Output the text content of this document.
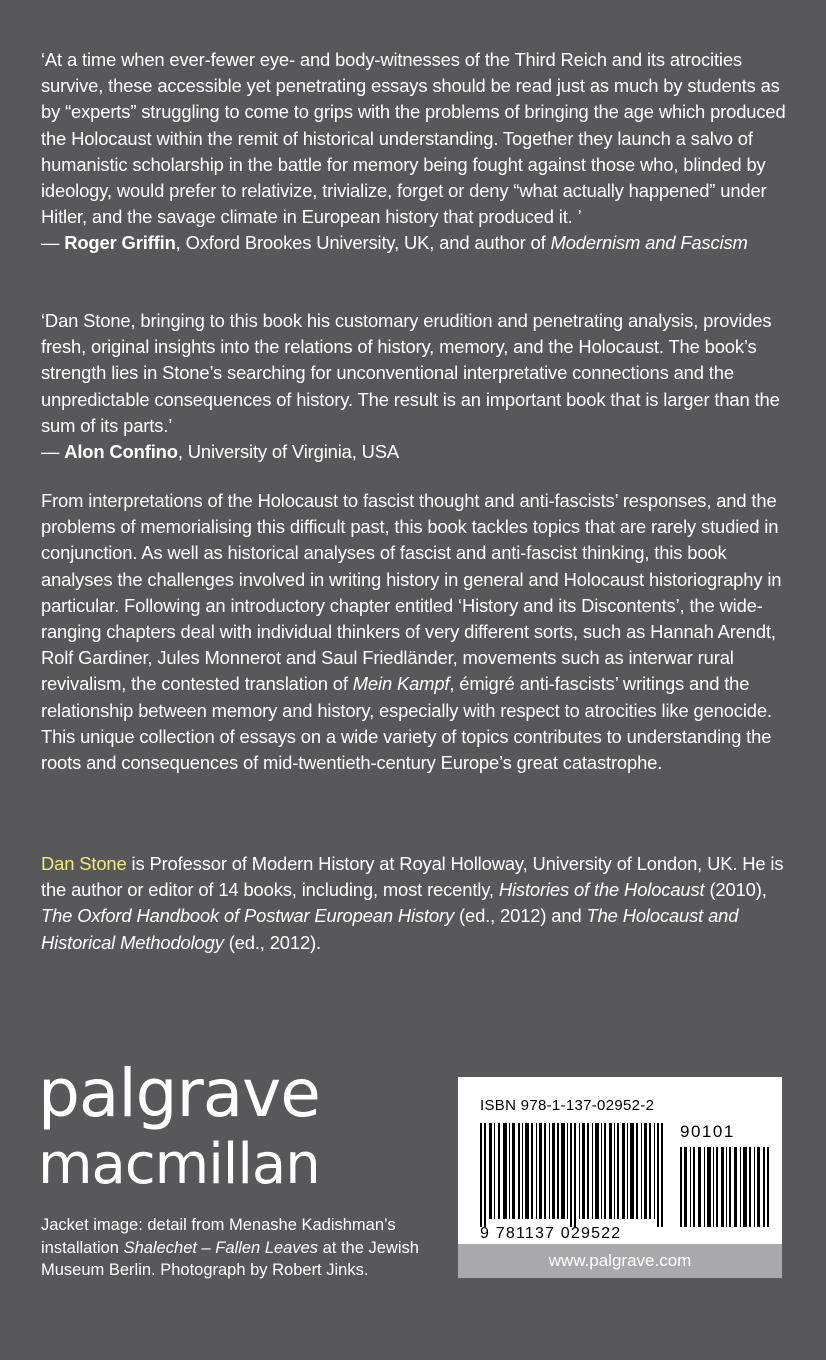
‘At a time when ever-fewer eye- and body-witnesses of the Third Reich and its atrocities survive, these accessible yet penetrating essays should be read just as much by students as by “experts” struggling to come to grips with the problems of bringing the age which produced the Holocaust within the remit of historical understanding. Together they launch a salvo of humanistic scholarship in the battle for memory being fought against those who, blinded by ideology, would prefer to relativize, trivialize, forget or deny “what actually happened” under Hitler, and the savage climate in European history that produced it. ’
— Roger Griffin, Oxford Brookes University, UK, and author of Modernism and Fascism

‘Dan Stone, bringing to this book his customary erudition and penetrating analysis, provides fresh, original insights into the relations of history, memory, and the Holocaust. The book’s strength lies in Stone’s searching for unconventional interpretative connections and the unpredictable consequences of history. The result is an important book that is larger than the sum of its parts.’
— Alon Confino, University of Virginia, USA

From interpretations of the Holocaust to fascist thought and anti-fascists’ responses, and the problems of memorialising this difficult past, this book tackles topics that are rarely studied in conjunction. As well as historical analyses of fascist and anti-fascist thinking, this book analyses the challenges involved in writing history in general and Holocaust historiography in particular. Following an introductory chapter entitled ‘History and its Discontents’, the wide-ranging chapters deal with individual thinkers of very different sorts, such as Hannah Arendt, Rolf Gardiner, Jules Monnerot and Saul Friedländer, movements such as interwar rural revivalism, the contested translation of Mein Kampf, émigré anti-fascists’ writings and the relationship between memory and history, especially with respect to atrocities like genocide. This unique collection of essays on a wide variety of topics contributes to understanding the roots and consequences of mid-twentieth-century Europe’s great catastrophe.

Dan Stone is Professor of Modern History at Royal Holloway, University of London, UK. He is the author or editor of 14 books, including, most recently, Histories of the Holocaust (2010), The Oxford Handbook of Postwar European History (ed., 2012) and The Holocaust and Historical Methodology (ed., 2012).

palgrave
macmillan

Jacket image: detail from Menashe Kadishman’s installation Shalechet – Fallen Leaves at the Jewish Museum Berlin. Photograph by Robert Jinks.

ISBN 978-1-137-02952-2
90101
9 781137 029522
www.palgrave.com
